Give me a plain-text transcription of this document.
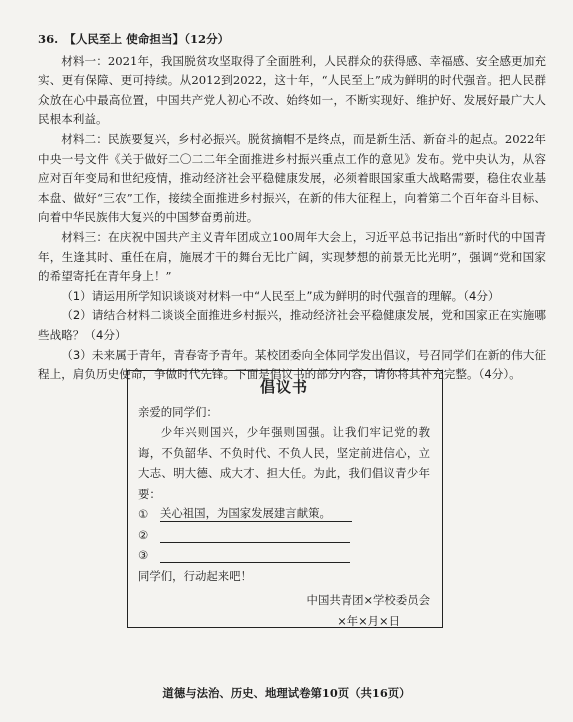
36. 【人民至上 使命担当】（12分）

材料一：2021年，我国脱贫攻坚取得了全面胜利，人民群众的获得感、幸福感、安全感更加充实、更有保障、更可持续。从2012到2022，这十年，“人民至上”成为鲜明的时代强音。把人民群众放在心中最高位置，中国共产党人初心不改、始终如一，不断实现好、维护好、发展好最广大人民根本利益。

材料二：民族要复兴，乡村必振兴。脱贫摘帽不是终点，而是新生活、新奋斗的起点。2022年中央一号文件《关于做好二〇二二年全面推进乡村振兴重点工作的意见》发布。党中央认为，从容应对百年变局和世纪疫情，推动经济社会平稳健康发展，必须着眼国家重大战略需要，稳住农业基本盘、做好“三农”工作，接续全面推进乡村振兴，在新的伟大征程上，向着第二个百年奋斗目标、向着中华民族伟大复兴的中国梦奋勇前进。

材料三：在庆祝中国共产主义青年团成立100周年大会上，习近平总书记指出“新时代的中国青年，生逢其时、重任在肩，施展才干的舞台无比广阔，实现梦想的前景无比光明”，强调“党和国家的希望寄托在青年身上！”

（1）请运用所学知识谈谈对材料一中“人民至上”成为鲜明的时代强音的理解。（4分）

（2）请结合材料二谈谈全面推进乡村振兴，推动经济社会平稳健康发展，党和国家正在实施哪些战略？（4分）

（3）未来属于青年，青春寄予青年。某校团委向全体同学发出倡议，号召同学们在新的伟大征程上，肩负历史使命，争做时代先锋。下面是倡议书的部分内容，请你将其补充完整。（4分）。

倡议书

亲爱的同学们：

少年兴则国兴，少年强则国强。让我们牢记党的教诲，不负韶华、不负时代、不负人民，坚定前进信心，立大志、明大德、成大才、担大任。为此，我们倡议青少年要：

①	关心祖国，为国家发展建言献策。
②
③

同学们，行动起来吧！

中国共青团×学校委员会

×年×月×日

道德与法治、历史、地理试卷第10页（共16页）
